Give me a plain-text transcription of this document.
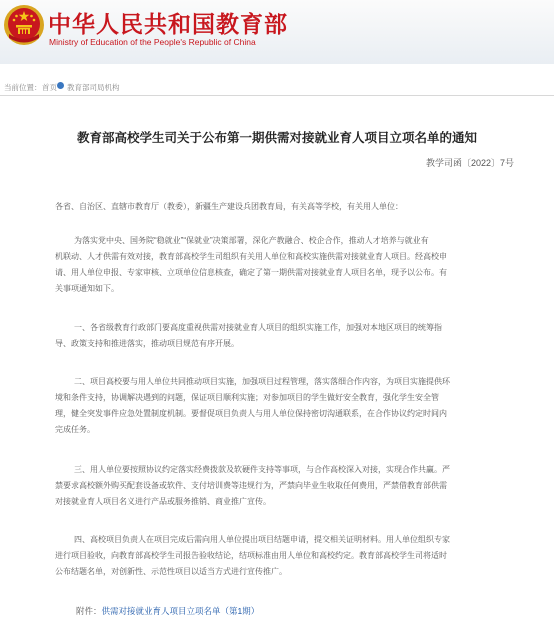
中华人民共和国教育部
Ministry of Education of the People's Republic of China
当前位置： 首页 教育部司局机构
教育部高校学生司关于公布第一期供需对接就业育人项目立项名单的通知
教学司函〔2022〕7号
各省、自治区、直辖市教育厅（教委），新疆生产建设兵团教育局，有关高等学校，有关用人单位：
为落实党中央、国务院“稳就业”“保就业”决策部署，深化产教融合、校企合作，推动人才培养与就业有
机联动、人才供需有效对接，教育部高校学生司组织有关用人单位和高校实施供需对接就业育人项目。经高校申
请、用人单位申报、专家审核、立项单位信息核查，确定了第一期供需对接就业育人项目名单，现予以公布。有
关事项通知如下。
一、各省级教育行政部门要高度重视供需对接就业育人项目的组织实施工作，加强对本地区项目的统筹指
导、政策支持和推进落实，推动项目规范有序开展。
二、项目高校要与用人单位共同推动项目实施，加强项目过程管理，落实落细合作内容，为项目实施提供环
境和条件支持，协调解决遇到的问题，保证项目顺利实施；对参加项目的学生做好安全教育，强化学生安全管
理，健全突发事件应急处置制度机制。要督促项目负责人与用人单位保持密切沟通联系，在合作协议约定时间内
完成任务。
三、用人单位要按照协议约定落实经费拨款及软硬件支持等事项，与合作高校深入对接，实现合作共赢。严
禁要求高校额外购买配套设备或软件、支付培训费等违规行为，严禁向毕业生收取任何费用，严禁借教育部供需
对接就业育人项目名义进行产品或服务推销、商业推广宣传。
四、高校项目负责人在项目完成后需向用人单位提出项目结题申请，提交相关证明材料。用人单位组织专家
进行项目验收，向教育部高校学生司报告验收结论，结项标准由用人单位和高校约定。教育部高校学生司将适时
公布结题名单，对创新性、示范性项目以适当方式进行宣传推广。
附件：供需对接就业育人项目立项名单（第1期）
